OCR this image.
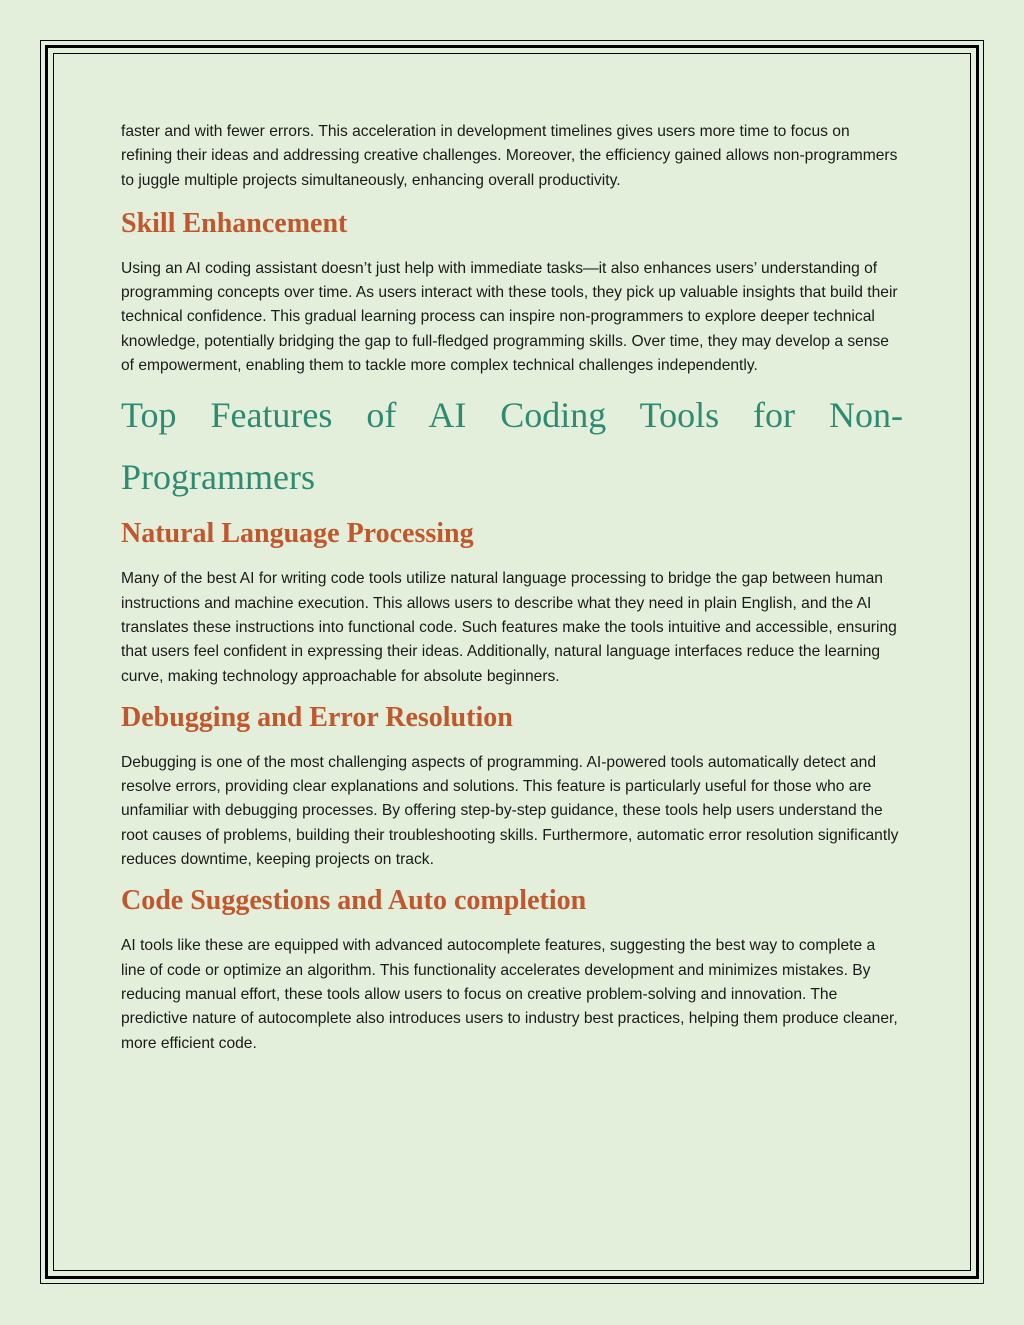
faster and with fewer errors. This acceleration in development timelines gives users more time to focus on refining their ideas and addressing creative challenges. Moreover, the efficiency gained allows non-programmers to juggle multiple projects simultaneously, enhancing overall productivity.

Skill Enhancement

Using an AI coding assistant doesn’t just help with immediate tasks—it also enhances users’ understanding of programming concepts over time. As users interact with these tools, they pick up valuable insights that build their technical confidence. This gradual learning process can inspire non-programmers to explore deeper technical knowledge, potentially bridging the gap to full-fledged programming skills. Over time, they may develop a sense of empowerment, enabling them to tackle more complex technical challenges independently.

Top Features of AI Coding Tools for Non-Programmers
Natural Language Processing

Many of the best AI for writing code tools utilize natural language processing to bridge the gap between human instructions and machine execution. This allows users to describe what they need in plain English, and the AI translates these instructions into functional code. Such features make the tools intuitive and accessible, ensuring that users feel confident in expressing their ideas. Additionally, natural language interfaces reduce the learning curve, making technology approachable for absolute beginners.

Debugging and Error Resolution

Debugging is one of the most challenging aspects of programming. AI-powered tools automatically detect and resolve errors, providing clear explanations and solutions. This feature is particularly useful for those who are unfamiliar with debugging processes. By offering step-by-step guidance, these tools help users understand the root causes of problems, building their troubleshooting skills. Furthermore, automatic error resolution significantly reduces downtime, keeping projects on track.

Code Suggestions and Auto completion

AI tools like these are equipped with advanced autocomplete features, suggesting the best way to complete a line of code or optimize an algorithm. This functionality accelerates development and minimizes mistakes. By reducing manual effort, these tools allow users to focus on creative problem-solving and innovation. The predictive nature of autocomplete also introduces users to industry best practices, helping them produce cleaner, more efficient code.
